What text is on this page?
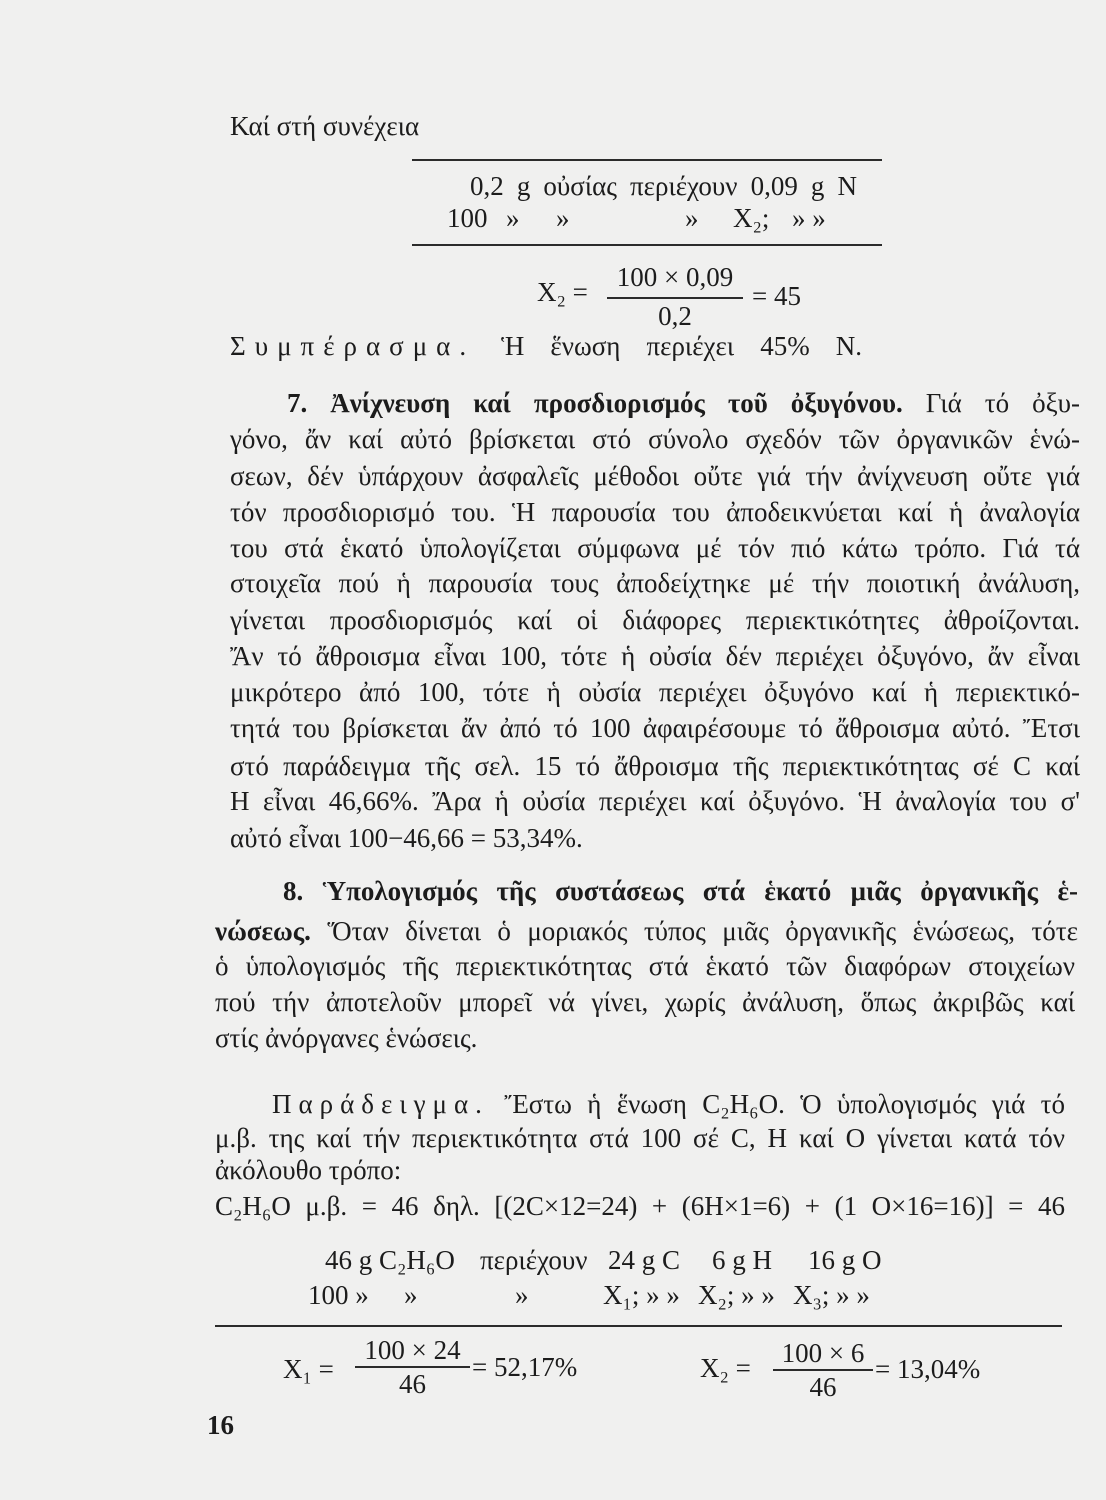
Καί στή συνέχεια
0,2 g οὐσίας περιέχουν 0,09 g N
100 » »	» X₂; » »
X₂ =	100 × 0,09
0,2
= 45
Συμπέρασμα. Ἡ ἕνωση περιέχει 45% N.
7. Ἀνίχνευση καί προσδιορισμός τοῦ ὀξυγόνου. Γιά τό ὀξυ-
γόνο, ἄν καί αὐτό βρίσκεται στό σύνολο σχεδόν τῶν ὀργανικῶν ἑνώ-
σεων, δέν ὑπάρχουν ἀσφαλεῖς μέθοδοι οὔτε γιά τήν ἀνίχνευση οὔτε γιά
τόν προσδιορισμό του. Ἡ παρουσία του ἀποδεικνύεται καί ἡ ἀναλογία
του στά ἑκατό ὑπολογίζεται σύμφωνα μέ τόν πιό κάτω τρόπο. Γιά τά
στοιχεῖα πού ἡ παρουσία τους ἀποδείχτηκε μέ τήν ποιοτική ἀνάλυση,
γίνεται προσδιορισμός καί οἱ διάφορες περιεκτικότητες ἀθροίζονται.
Ἄν τό ἄθροισμα εἶναι 100, τότε ἡ οὐσία δέν περιέχει ὀξυγόνο, ἄν εἶναι
μικρότερο ἀπό 100, τότε ἡ οὐσία περιέχει ὀξυγόνο καί ἡ περιεκτικό-
τητά του βρίσκεται ἄν ἀπό τό 100 ἀφαιρέσουμε τό ἄθροισμα αὐτό. Ἔτσι
στό παράδειγμα τῆς σελ. 15 τό ἄθροισμα τῆς περιεκτικότητας σέ C καί
Η εἶναι 46,66%. Ἄρα ἡ οὐσία περιέχει καί ὀξυγόνο. Ἡ ἀναλογία του σ'
αὐτό εἶναι 100−46,66 = 53,34%.
8. Ὑπολογισμός τῆς συστάσεως στά ἑκατό μιᾶς ὀργανικῆς ἑ-
νώσεως. Ὅταν δίνεται ὁ μοριακός τύπος μιᾶς ὀργανικῆς ἑνώσεως, τότε
ὁ ὑπολογισμός τῆς περιεκτικότητας στά ἑκατό τῶν διαφόρων στοιχείων
πού τήν ἀποτελοῦν μπορεῖ νά γίνει, χωρίς ἀνάλυση, ὅπως ἀκριβῶς καί
στίς ἀνόργανες ἑνώσεις.
Παράδειγμα. Ἔστω ἡ ἕνωση C₂H₆O. Ὁ ὑπολογισμός γιά τό
μ.β. της καί τήν περιεκτικότητα στά 100 σέ C, H καί O γίνεται κατά τόν
ἀκόλουθο τρόπο:
C₂H₆O μ.β. = 46 δηλ. [(2C×12=24) + (6H×1=6) + (1 O×16=16)] = 46
46 g C₂H₆O περιέχουν 24 g C 6 g H 16 g O
100 » »	»	X₁; » » X₂; » » X₃; » »
X₁ =
100 × 24
46
= 52,17%	X₂ =	100 × 6
46
= 13,04%
16
